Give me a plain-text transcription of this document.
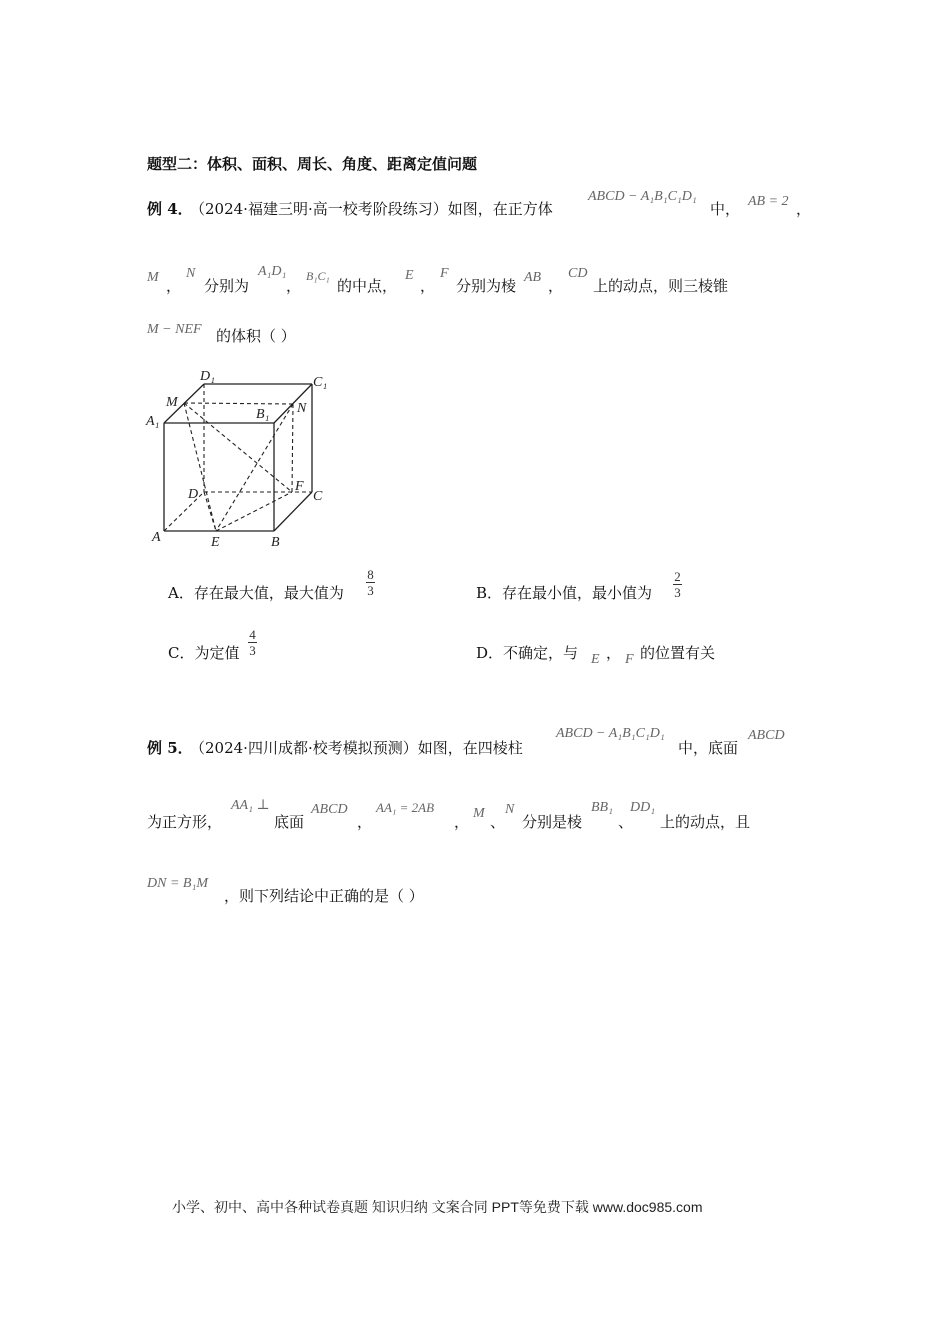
题型二：体积、面积、周长、角度、距离定值问题
例 4．
（2024·福建三明·高一校考阶段练习）如图，在正方体
ABCD − A₁B₁C₁D₁
中， AB = 2 ，
M ，
N
分别为
A₁D₁
，
B₁C₁
的中点，
E
，
F
分别为棱 AB ，
CD
上的动点，则三棱锥
M − NEF 的体积（ ）
D₁	C₁
M
B₁ N
A₁
D
F
C
A	E	B
A．存在最大值，最大值为
8
3	B．存在最小值，最小值为
2
3
C．为定值
4
3	D．不确定，与 E ， F 的位置有关
例 5．
（2024·四川成都·校考模拟预测）如图，在四棱柱
ABCD − A₁B₁C₁D₁
中，底面
ABCD
为正方形，
AA₁ ⊥
底面
ABCD
，
AA₁ = 2AB
， M 、
N
分别是棱
BB₁
、
DD₁
上的动点，且
DN = B₁M
，则下列结论中正确的是（ ）
小学、初中、高中各种试卷真题 知识归纳 文案合同 PPT等免费下载 www.doc985.com
